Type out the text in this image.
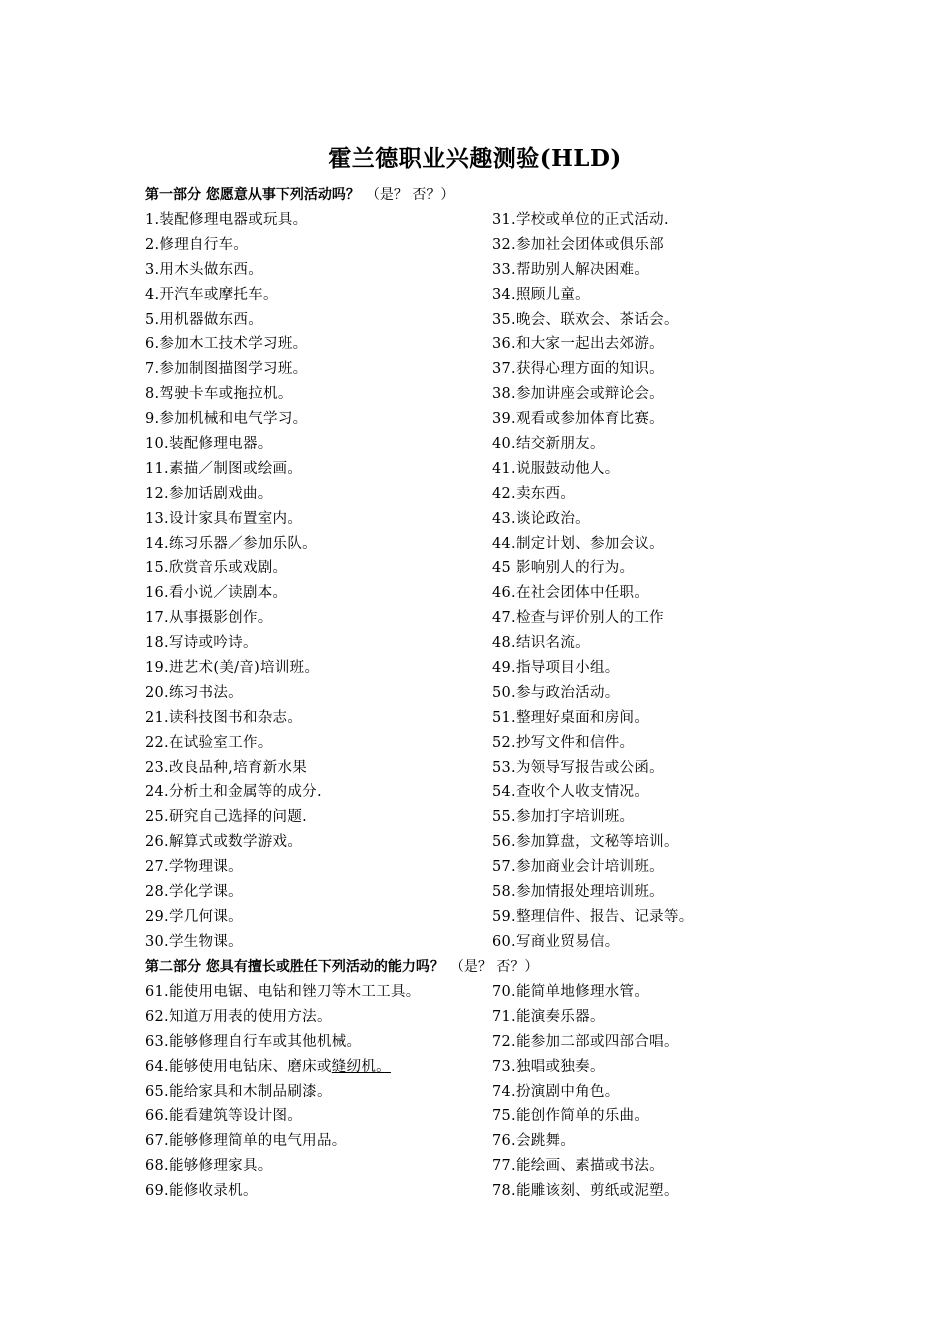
霍兰德职业兴趣测验(HLD)
第一部分 您愿意从事下列活动吗？ （是？ 否？）
1.装配修理电器或玩具。
2.修理自行车。
3.用木头做东西。
4.开汽车或摩托车。
5.用机器做东西。
6.参加木工技术学习班。
7.参加制图描图学习班。
8.驾驶卡车或拖拉机。
9.参加机械和电气学习。
10.装配修理电器。
11.素描／制图或绘画。
12.参加话剧戏曲。
13.设计家具布置室内。
14.练习乐器／参加乐队。
15.欣赏音乐或戏剧。
16.看小说／读剧本。
17.从事摄影创作。
18.写诗或吟诗。
19.进艺术(美/音)培训班。
20.练习书法。
21.读科技图书和杂志。
22.在试验室工作。
23.改良品种,培育新水果
24.分析土和金属等的成分.
25.研究自己选择的问题.
26.解算式或数学游戏。
27.学物理课。
28.学化学课。
29.学几何课。
30.学生物课。
31.学校或单位的正式活动.
32.参加社会团体或俱乐部
33.帮助别人解决困难。
34.照顾儿童。
35.晚会、联欢会、茶话会。
36.和大家一起出去郊游。
37.获得心理方面的知识。
38.参加讲座会或辩论会。
39.观看或参加体育比赛。
40.结交新朋友。
41.说服鼓动他人。
42.卖东西。
43.谈论政治。
44.制定计划、参加会议。
45 影响别人的行为。
46.在社会团体中任职。
47.检查与评价别人的工作
48.结识名流。
49.指导项目小组。
50.参与政治活动。
51.整理好桌面和房间。
52.抄写文件和信件。
53.为领导写报告或公函。
54.查收个人收支情况。
55.参加打字培训班。
56.参加算盘，文秘等培训。
57.参加商业会计培训班。
58.参加情报处理培训班。
59.整理信件、报告、记录等。
60.写商业贸易信。
第二部分 您具有擅长或胜任下列活动的能力吗？ （是？ 否？）
61.能使用电锯、电钻和锉刀等木工工具。
62.知道万用表的使用方法。
63.能够修理自行车或其他机械。
64.能够使用电钻床、磨床或缝纫机。
65.能给家具和木制品刷漆。
66.能看建筑等设计图。
67.能够修理简单的电气用品。
68.能够修理家具。
69.能修收录机。
70.能简单地修理水管。
71.能演奏乐器。
72.能参加二部或四部合唱。
73.独唱或独奏。
74.扮演剧中角色。
75.能创作简单的乐曲。
76.会跳舞。
77.能绘画、素描或书法。
78.能雕该刻、剪纸或泥塑。
